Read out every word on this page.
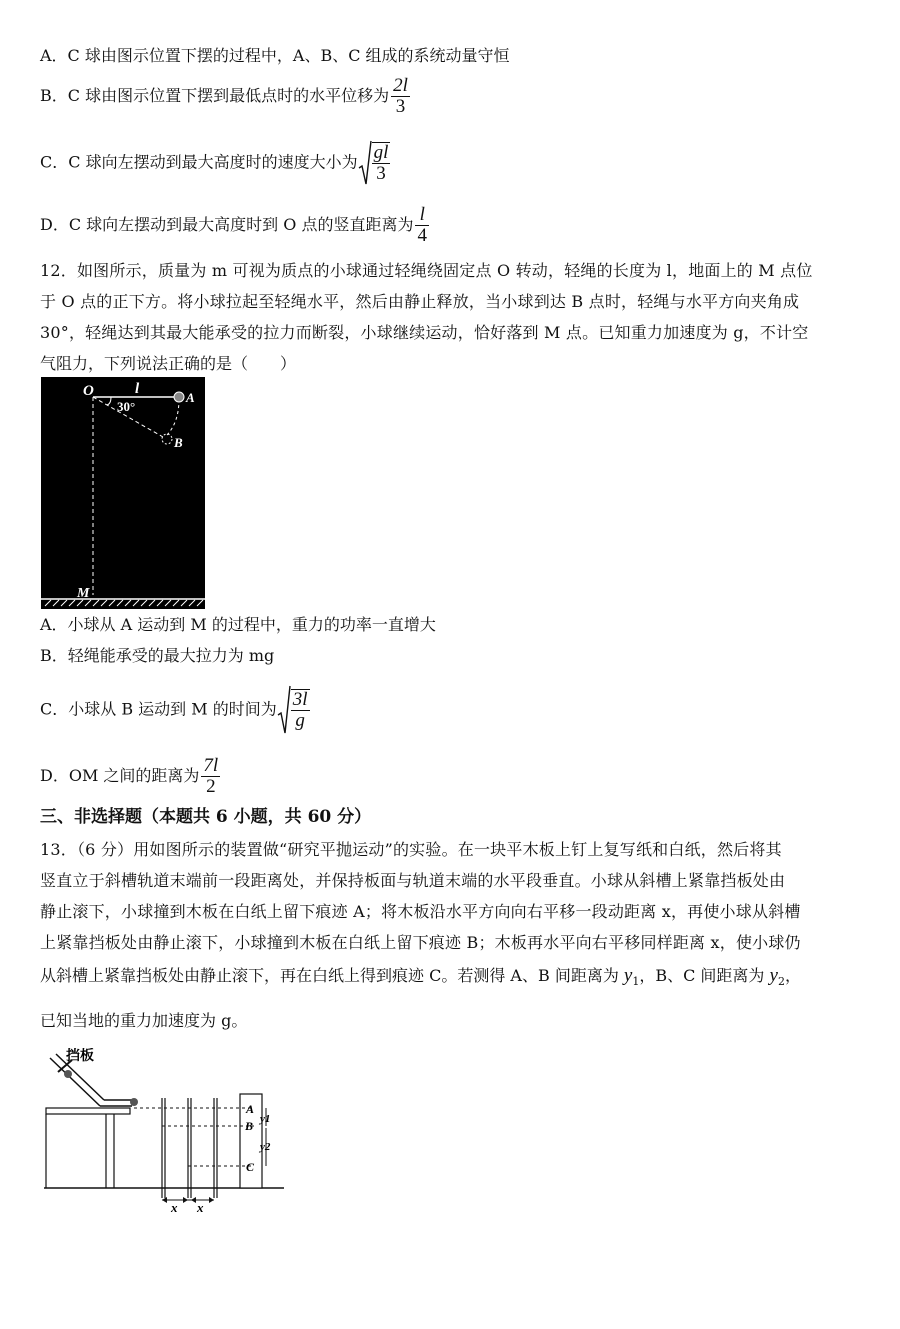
A．C 球由图示位置下摆的过程中，A、B、C 组成的系统动量守恒
B．C 球由图示位置下摆到最低点时的水平位移为 $\frac{2l}{3}$
C．C 球向左摆动到最大高度时的速度大小为 $\frac{gl}{3}$
D．C 球向左摆动到最大高度时到 O 点的竖直距离为 $\frac{l}{4}$
12．如图所示，质量为 m 可视为质点的小球通过轻绳绕固定点 O 转动，轻绳的长度为 l，地面上的 M 点位
于 O 点的正下方。将小球拉起至轻绳水平，然后由静止释放，当小球到达 B 点时，轻绳与水平方向夹角成
30°，轻绳达到其最大能承受的拉力而断裂，小球继续运动，恰好落到 M 点。已知重力加速度为 g，不计空
气阻力，下列说法正确的是（　　）
O	l
30°
A
B
M
A．小球从 A 运动到 M 的过程中，重力的功率一直增大
B．轻绳能承受的最大拉力为 mg
C．小球从 B 运动到 M 的时间为 $\frac{3l}{g}$
D．OM 之间的距离为 $\frac{7l}{2}$
三、非选择题（本题共 6 小题，共 60 分）
13．（6 分）用如图所示的装置做“研究平抛运动”的实验。在一块平木板上钉上复写纸和白纸，然后将其
竖直立于斜槽轨道末端前一段距离处，并保持板面与轨道末端的水平段垂直。小球从斜槽上紧靠挡板处由
静止滚下，小球撞到木板在白纸上留下痕迹 A；将木板沿水平方向向右平移一段动距离 x，再使小球从斜槽
上紧靠挡板处由静止滚下，小球撞到木板在白纸上留下痕迹 B；木板再水平向右平移同样距离 x，使小球仍
从斜槽上紧靠挡板处由静止滚下，再在白纸上得到痕迹 C。若测得 A、B 间距离为 $y_1$，B、C 间距离为 $y_2$，
已知当地的重力加速度为 g。
挡板
A
B
C
y1
y2
x x
